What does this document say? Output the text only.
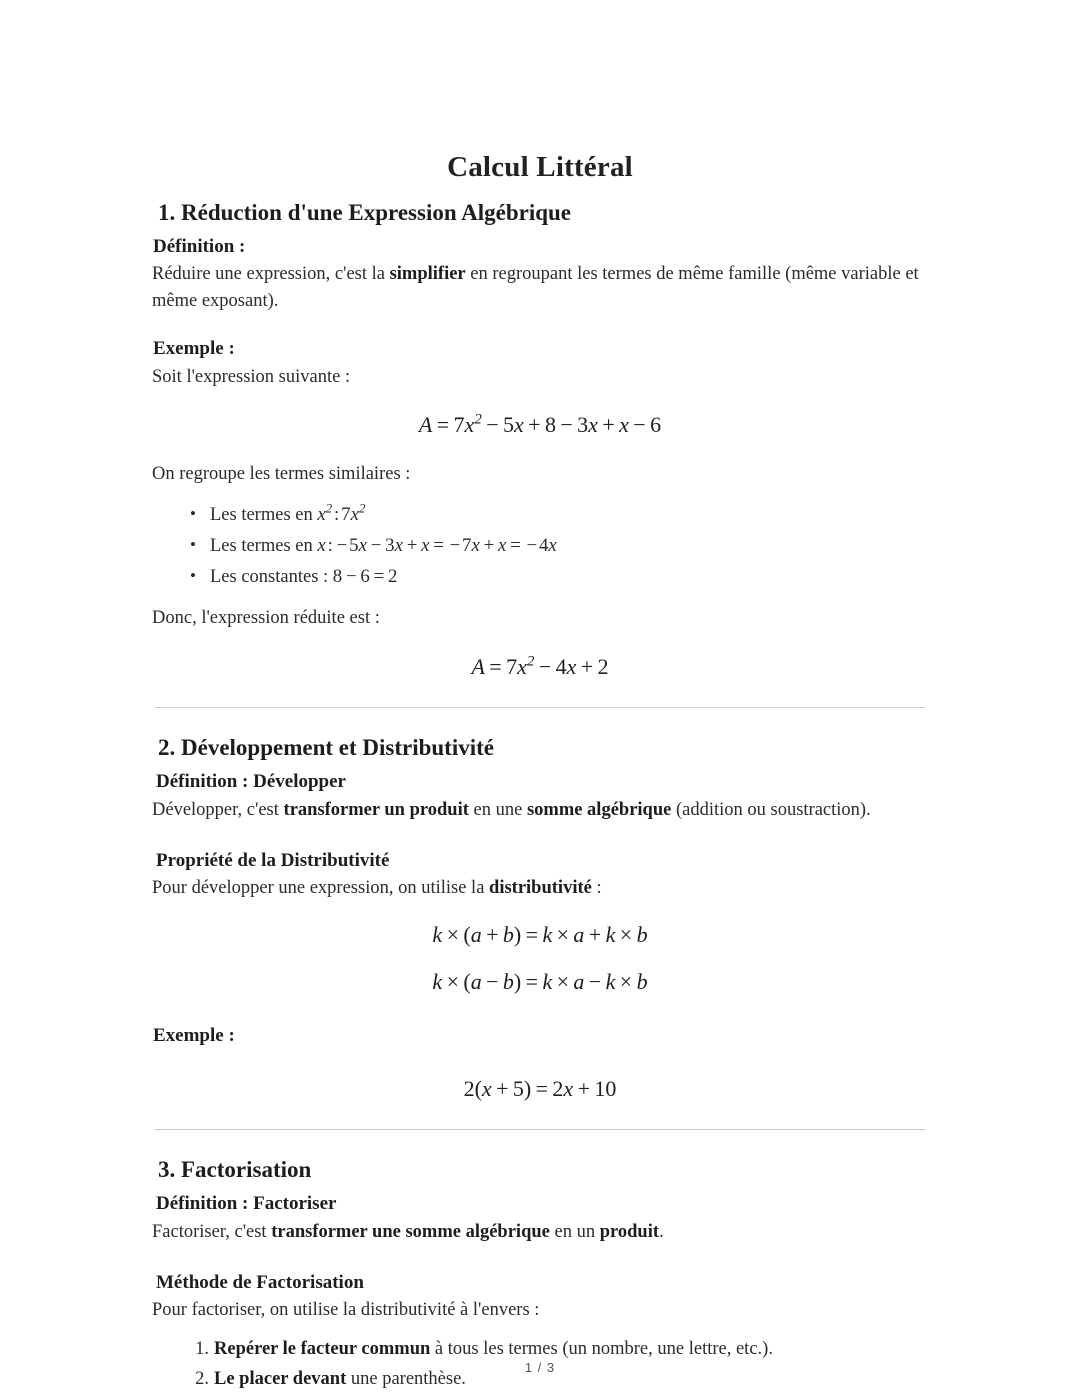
Calcul Littéral
1. Réduction d'une Expression Algébrique
Définition :

Réduire une expression, c'est la simplifier en regroupant les termes de même famille (même variable et même exposant).

Exemple :

Soit l'expression suivante :

$A = 7x^2 - 5x + 8 - 3x + x - 6$

On regroupe les termes similaires :

• Les termes en $x^2:7x^2$
• Les termes en x: −5x − 3x + x = −7x + x = −4x
• Les constantes : 8 − 6 = 2

Donc, l'expression réduite est :

$A = 7x^2 - 4x + 2$
2. Développement et Distributivité
Définition : Développer

Développer, c'est transformer un produit en une somme algébrique (addition ou soustraction).

Propriété de la Distributivité

Pour développer une expression, on utilise la distributivité :

k × (a + b) = k × a + k × b
k × (a − b) = k × a − k × b
Exemple :
2(x + 5) = 2x + 10
3. Factorisation
Définition : Factoriser

Factoriser, c'est transformer une somme algébrique en un produit.

Méthode de Factorisation

Pour factoriser, on utilise la distributivité à l'envers :

Repérer le facteur commun à tous les termes (un nombre, une lettre, etc.).
Le placer devant une parenthèse.
1 / 3
